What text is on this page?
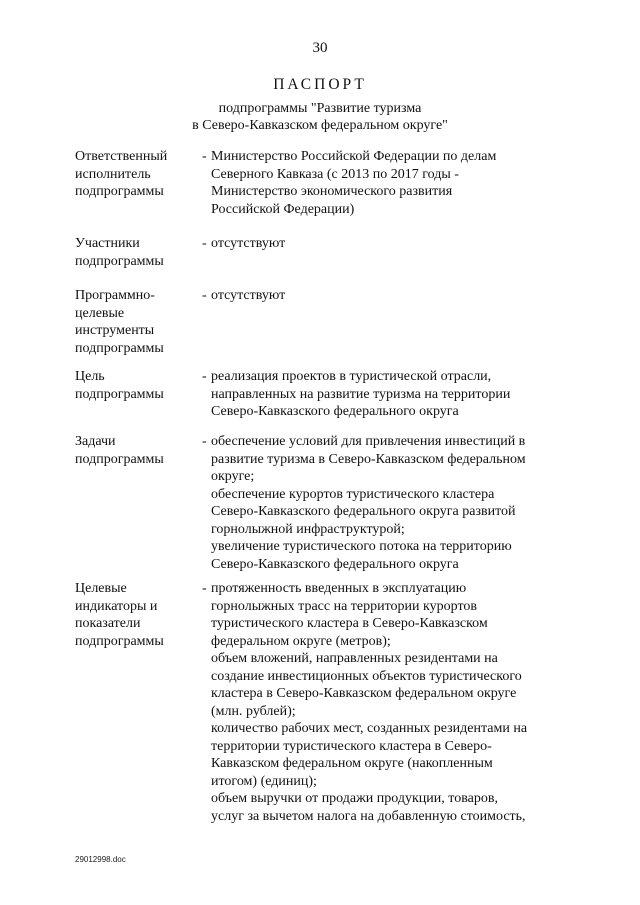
30
ПАСПОРТ
подпрограммы "Развитие туризма
в Северо-Кавказском федеральном округе"
Ответственный
исполнитель
подпрограммы
- Министерство Российской Федерации по делам
Северного Кавказа (с 2013 по 2017 годы -
Министерство экономического развития
Российской Федерации)
Участники
подпрограммы
- отсутствуют
Программно-
целевые
инструменты
подпрограммы
- отсутствуют
Цель
подпрограммы
- реализация проектов в туристической отрасли,
направленных на развитие туризма на территории
Северо-Кавказского федерального округа
Задачи
подпрограммы
- обеспечение условий для привлечения инвестиций в
развитие туризма в Северо-Кавказском федеральном
округе;
обеспечение курортов туристического кластера
Северо-Кавказского федерального округа развитой
горнолыжной инфраструктурой;
увеличение туристического потока на территорию
Северо-Кавказского федерального округа
Целевые
индикаторы и
показатели
подпрограммы
- протяженность введенных в эксплуатацию
горнолыжных трасс на территории курортов
туристического кластера в Северо-Кавказском
федеральном округе (метров);
объем вложений, направленных резидентами на
создание инвестиционных объектов туристического
кластера в Северо-Кавказском федеральном округе
(млн. рублей);
количество рабочих мест, созданных резидентами на
территории туристического кластера в Северо-
Кавказском федеральном округе (накопленным
итогом) (единиц);
объем выручки от продажи продукции, товаров,
услуг за вычетом налога на добавленную стоимость,
29012998.doc
